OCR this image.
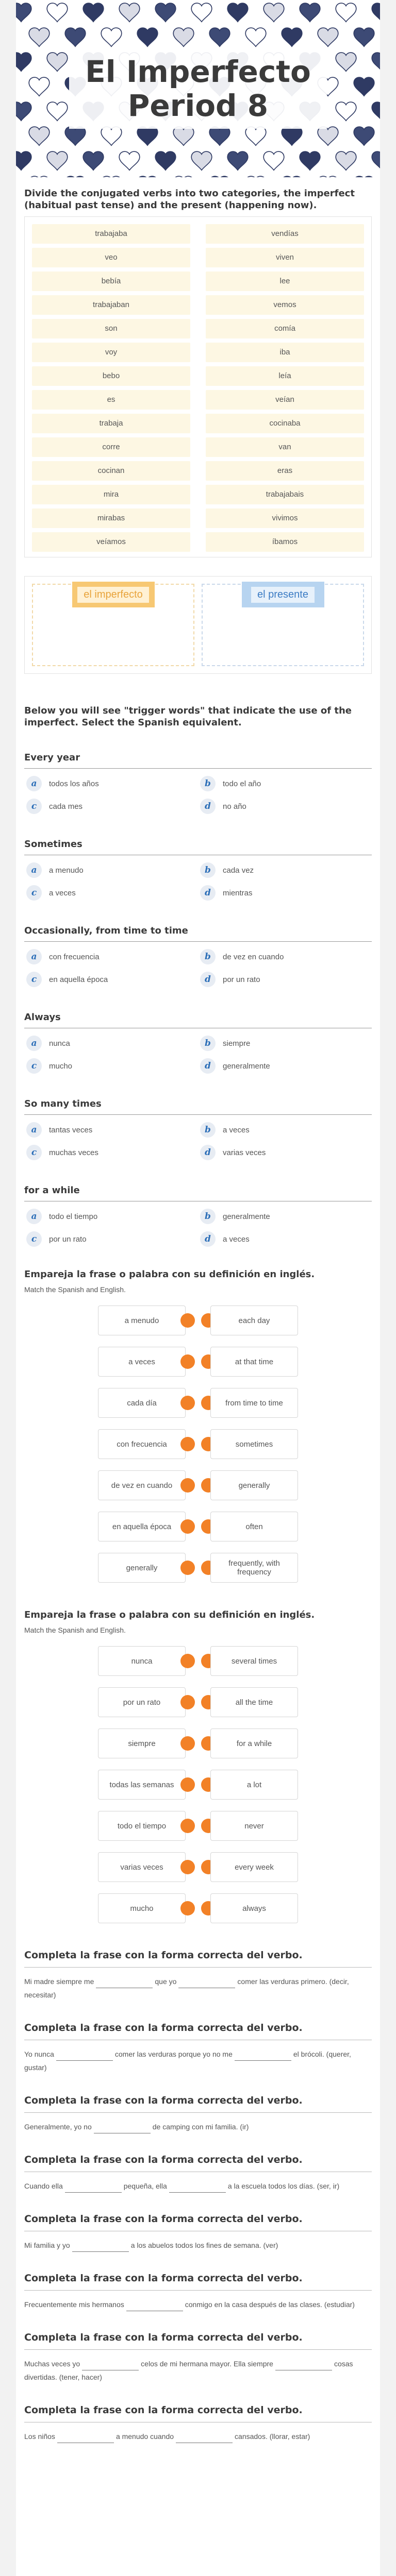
El Imperfecto
Period 8
Divide the conjugated verbs into two categories, the imperfect (habitual past tense) and the present (happening now).
trabajaba	vendías
veo	viven
bebía	lee
trabajaban	vemos
son	comía
voy	iba
bebo	leía
es	veían
trabaja	cocinaba
corre	van
cocinan	eras
mira	trabajabais
mirabas	vivimos
veíamos	íbamos
el imperfecto	el presente
Below you will see "trigger words" that indicate the use of the imperfect. Select the Spanish equivalent.
Every year
a	todos los años	b	todo el año
c	cada mes	d	no año
Sometimes
a	a menudo	b	cada vez
c	a veces	d	mientras
Occasionally, from time to time
a	con frecuencia	b	de vez en cuando
c	en aquella época	d	por un rato
Always
a	nunca	b	siempre
c	mucho	d	generalmente
So many times
a	tantas veces	b	a veces
c	muchas veces	d	varias veces
for a while
a	todo el tiempo	b	generalmente
c	por un rato	d	a veces
Empareja la frase o palabra con su definición en inglés.
Match the Spanish and English.
a menudo	each day
a veces	at that time
cada día	from time to time
con frecuencia	sometimes
de vez en cuando	generally
en aquella época	often
generally	frequently, with frequency
Empareja la frase o palabra con su definición en inglés.
Match the Spanish and English.
nunca	several times
por un rato	all the time
siempre	for a while
todas las semanas	a lot
todo el tiempo	never
varias veces	every week
mucho	always
Completa la frase con la forma correcta del verbo.

Mi madre siempre me	que yo	comer las verduras primero. (decir, necesitar)

Completa la frase con la forma correcta del verbo.

Yo nunca	comer las verduras porque yo no me	el brócoli. (querer, gustar)

Completa la frase con la forma correcta del verbo.

Generalmente, yo no	de camping con mi familia. (ir)

Completa la frase con la forma correcta del verbo.

Cuando ella	pequeña, ella	a la escuela todos los días. (ser, ir)

Completa la frase con la forma correcta del verbo.

Mi familia y yo	a los abuelos todos los fines de semana. (ver)

Completa la frase con la forma correcta del verbo.

Frecuentemente mis hermanos	conmigo en la casa después de las clases. (estudiar)

Completa la frase con la forma correcta del verbo.

Muchas veces yo	celos de mi hermana mayor. Ella siempre	cosas divertidas. (tener, hacer)

Completa la frase con la forma correcta del verbo.

Los niños	a menudo cuando	cansados. (llorar, estar)
